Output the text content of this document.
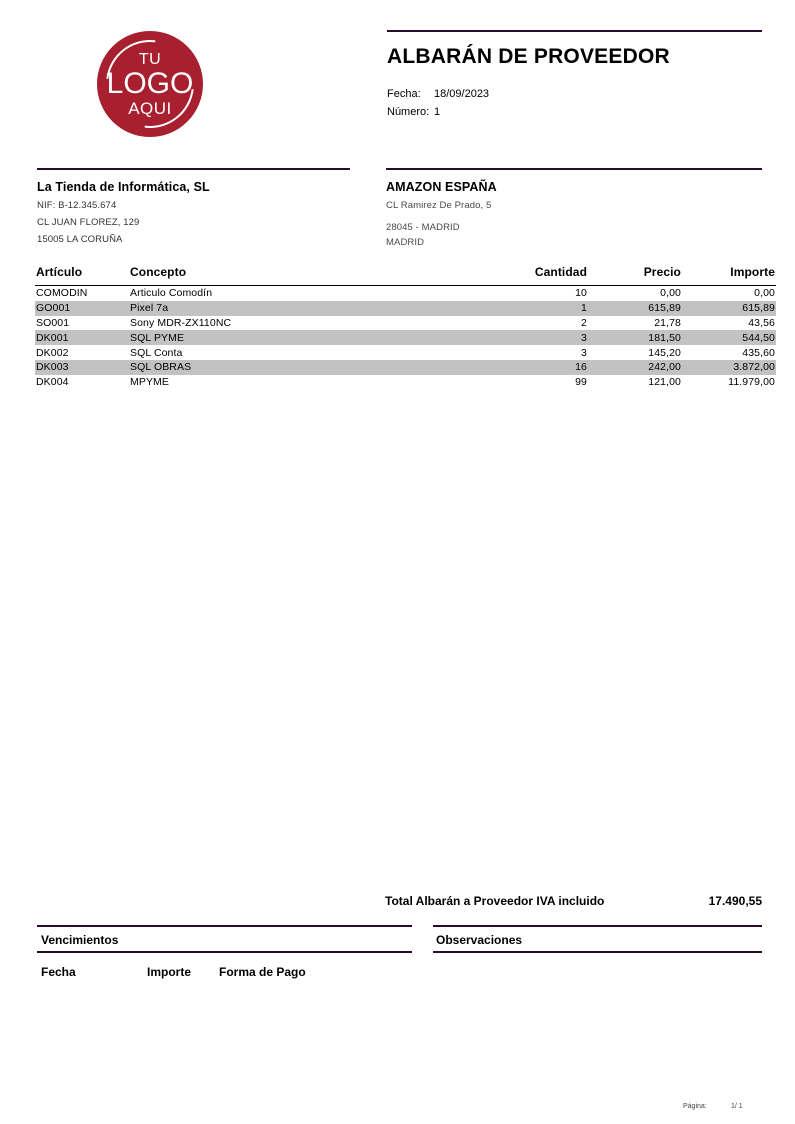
TU
LOGO
AQUI
ALBARÁN DE PROVEEDOR
Fecha: 18/09/2023
Número: 1
La Tienda de Informática, SL
NIF: B-12.345.674
CL JUAN FLOREZ, 129
15005 LA CORUÑA
AMAZON ESPAÑA
CL Ramirez De Prado, 5
28045 - MADRID
MADRID
Artículo	Concepto	Cantidad	Precio	Importe
COMODIN	Articulo Comodín	10	0,00	0,00
GO001	Pixel 7a	1	615,89	615,89
SO001	Sony MDR-ZX110NC	2	21,78	43,56
DK001	SQL PYME	3	181,50	544,50
DK002	SQL Conta	3	145,20	435,60
DK003	SQL OBRAS	16	242,00	3.872,00
DK004	MPYME	99	121,00	11.979,00
Total Albarán a Proveedor IVA incluido	17.490,55
Vencimientos	Observaciones
Fecha	Importe Forma de Pago
Página:	1/ 1
